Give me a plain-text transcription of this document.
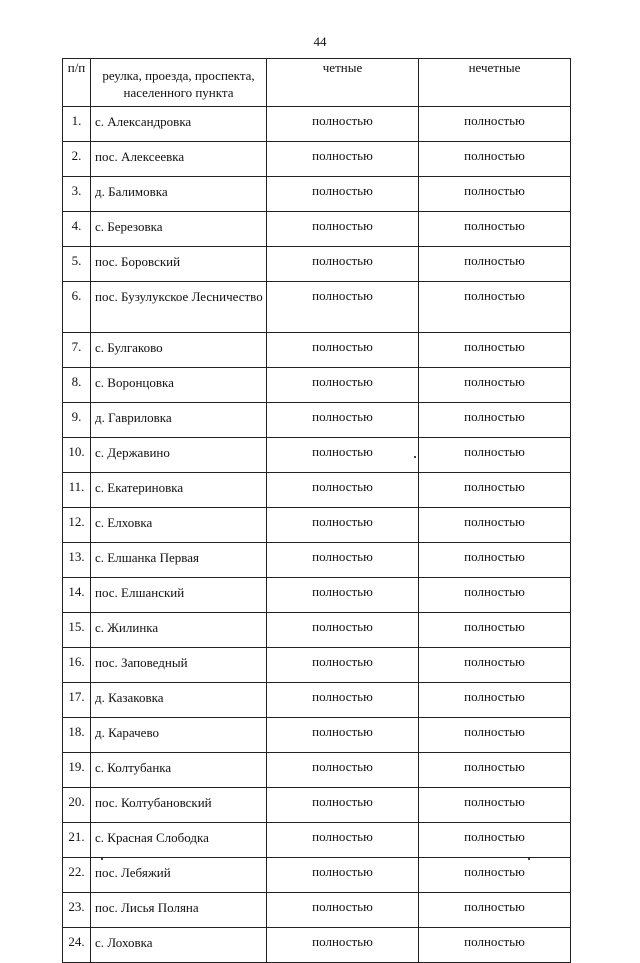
44
п/п	реулка, проезда, проспекта, населенного пункта	четные	нечетные
1.	с. Александровка	полностью	полностью
2.	пос. Алексеевка	полностью	полностью
3.	д. Балимовка	полностью	полностью
4.	с. Березовка	полностью	полностью
5.	пос. Боровский	полностью	полностью
6.	пос. Бузулукское Лесничество	полностью	полностью
7.	с. Булгаково	полностью	полностью
8.	с. Воронцовка	полностью	полностью
9.	д. Гавриловка	полностью	полностью
10.	с. Державино	полностью	полностью
11.	с. Екатериновка	полностью	полностью
12.	с. Елховка	полностью	полностью
13.	с. Елшанка Первая	полностью	полностью
14.	пос. Елшанский	полностью	полностью
15.	с. Жилинка	полностью	полностью
16.	пос. Заповедный	полностью	полностью
17.	д. Казаковка	полностью	полностью
18.	д. Карачево	полностью	полностью
19.	с. Колтубанка	полностью	полностью
20.	пос. Колтубановский	полностью	полностью
21.	с. Красная Слободка	полностью	полностью
22.	пос. Лебяжий	полностью	полностью
23.	пос. Лисья Поляна	полностью	полностью
24.	с. Лоховка	полностью	полностью
